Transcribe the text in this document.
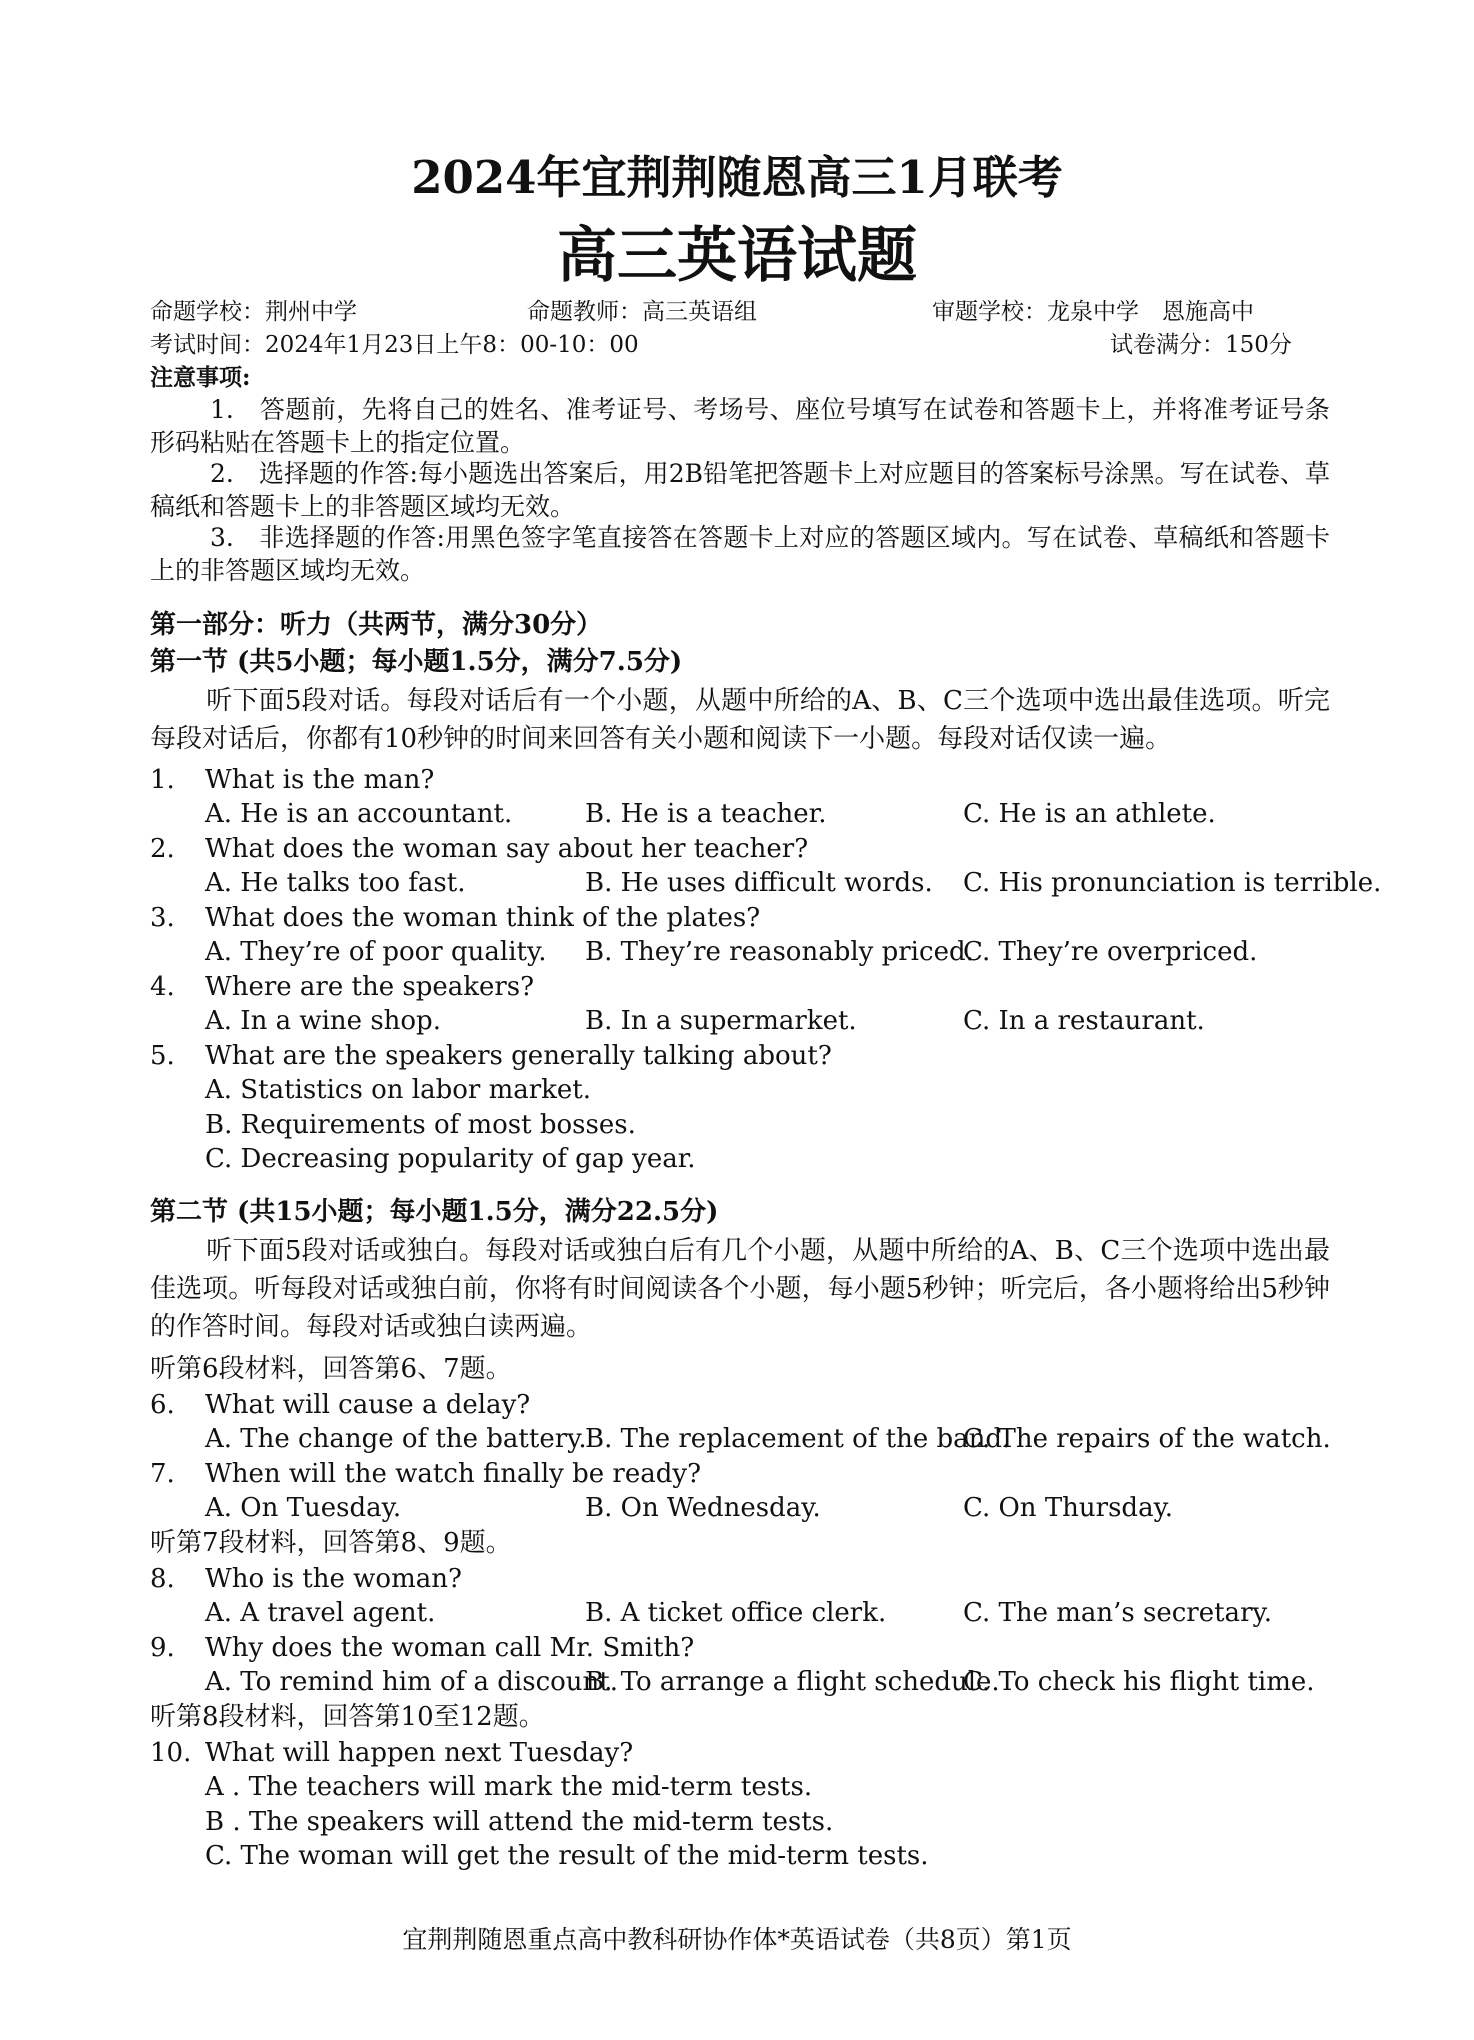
2024年宜荆荆随恩高三1月联考
高三英语试题
命题学校：荆州中学	命题教师：高三英语组	审题学校：龙泉中学　恩施高中
考试时间：2024年1月23日上午8：00-10：00	试卷满分：150分
注意事项:
1.　答题前，先将自己的姓名、准考证号、考场号、座位号填写在试卷和答题卡上，并将准考证号条形码粘贴在答题卡上的指定位置。
2.　选择题的作答:每小题选出答案后，用2B铅笔把答题卡上对应题目的答案标号涂黑。写在试卷、草稿纸和答题卡上的非答题区域均无效。
3.　非选择题的作答:用黑色签字笔直接答在答题卡上对应的答题区域内。写在试卷、草稿纸和答题卡上的非答题区域均无效。
第一部分：听力（共两节，满分30分）
第一节 (共5小题；每小题1.5分，满分7.5分)
听下面5段对话。每段对话后有一个小题，从题中所给的A、B、C三个选项中选出最佳选项。听完每段对话后，你都有10秒钟的时间来回答有关小题和阅读下一小题。每段对话仅读一遍。
1. What is the man?
A. He is an accountant.	B. He is a teacher.	C. He is an athlete.
2. What does the woman say about her teacher?
A. He talks too fast.	B. He uses difficult words. C. His pronunciation is terrible.
3. What does the woman think of the plates?
A. They’re of poor quality. B. They’re reasonably priced.
C. They’re overpriced.
4. Where are the speakers?
A. In a wine shop.	B. In a supermarket.	C. In a restaurant.
5. What are the speakers generally talking about?
A. Statistics on labor market.
B. Requirements of most bosses.
C. Decreasing popularity of gap year.
第二节 (共15小题；每小题1.5分，满分22.5分)
听下面5段对话或独白。每段对话或独白后有几个小题，从题中所给的A、B、C三个选项中选出最佳选项。听每段对话或独白前，你将有时间阅读各个小题，每小题5秒钟；听完后，各小题将给出5秒钟的作答时间。每段对话或独白读两遍。
听第6段材料，回答第6、7题。
6. What will cause a delay?
A. The change of the battery.
B. The replacement of the band.
C. The repairs of the watch.
7. When will the watch finally be ready?
A. On Tuesday.	B. On Wednesday.	C. On Thursday.
听第7段材料，回答第8、9题。
8. Who is the woman?
A. A travel agent.	B. A ticket office clerk.	C. The man’s secretary.
9. Why does the woman call Mr. Smith?
A. To remind him of a discount.
B. To arrange a flight schedule.
C. To check his flight time.
听第8段材料，回答第10至12题。
10. What will happen next Tuesday?
A . The teachers will mark the mid-term tests.
B . The speakers will attend the mid-term tests.
C. The woman will get the result of the mid-term tests.
宜荆荆随恩重点高中教科研协作体*英语试卷（共8页）第1页
